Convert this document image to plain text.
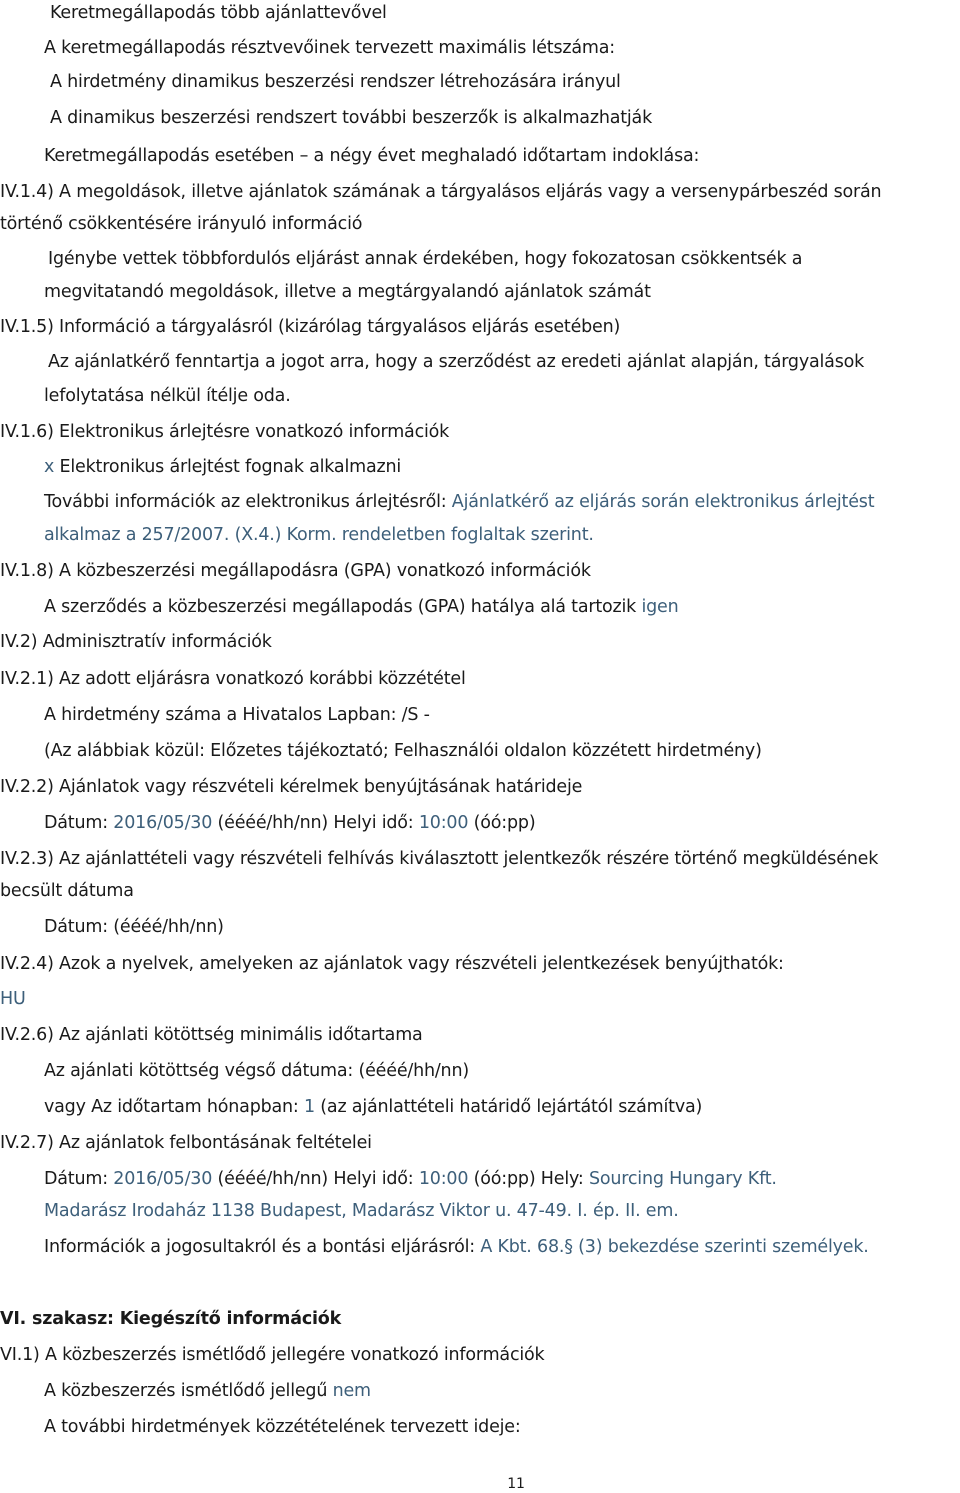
Keretmegállapodás több ajánlattevővel
A keretmegállapodás résztvevőinek tervezett maximális létszáma:
A hirdetmény dinamikus beszerzési rendszer létrehozására irányul
A dinamikus beszerzési rendszert további beszerzők is alkalmazhatják
Keretmegállapodás esetében – a négy évet meghaladó időtartam indoklása:
IV.1.4) A megoldások, illetve ajánlatok számának a tárgyalásos eljárás vagy a versenypárbeszéd során
történő csökkentésére irányuló információ
Igénybe vettek többfordulós eljárást annak érdekében, hogy fokozatosan csökkentsék a
megvitatandó megoldások, illetve a megtárgyalandó ajánlatok számát
IV.1.5) Információ a tárgyalásról (kizárólag tárgyalásos eljárás esetében)
Az ajánlatkérő fenntartja a jogot arra, hogy a szerződést az eredeti ajánlat alapján, tárgyalások
lefolytatása nélkül ítélje oda.
IV.1.6) Elektronikus árlejtésre vonatkozó információk
x Elektronikus árlejtést fognak alkalmazni
További információk az elektronikus árlejtésről: Ajánlatkérő az eljárás során elektronikus árlejtést
alkalmaz a 257/2007. (X.4.) Korm. rendeletben foglaltak szerint.
IV.1.8) A közbeszerzési megállapodásra (GPA) vonatkozó információk
A szerződés a közbeszerzési megállapodás (GPA) hatálya alá tartozik igen
IV.2) Adminisztratív információk
IV.2.1) Az adott eljárásra vonatkozó korábbi közzététel
A hirdetmény száma a Hivatalos Lapban: /S -
(Az alábbiak közül: Előzetes tájékoztató; Felhasználói oldalon közzétett hirdetmény)
IV.2.2) Ajánlatok vagy részvételi kérelmek benyújtásának határideje
Dátum: 2016/05/30 (éééé/hh/nn) Helyi idő: 10:00 (óó:pp)
IV.2.3) Az ajánlattételi vagy részvételi felhívás kiválasztott jelentkezők részére történő megküldésének
becsült dátuma
Dátum: (éééé/hh/nn)
IV.2.4) Azok a nyelvek, amelyeken az ajánlatok vagy részvételi jelentkezések benyújthatók:
HU
IV.2.6) Az ajánlati kötöttség minimális időtartama
Az ajánlati kötöttség végső dátuma: (éééé/hh/nn)
vagy Az időtartam hónapban: 1 (az ajánlattételi határidő lejártától számítva)
IV.2.7) Az ajánlatok felbontásának feltételei
Dátum: 2016/05/30 (éééé/hh/nn) Helyi idő: 10:00 (óó:pp) Hely: Sourcing Hungary Kft.
Madarász Irodaház 1138 Budapest, Madarász Viktor u. 47-49. I. ép. II. em.
Információk a jogosultakról és a bontási eljárásról: A Kbt. 68.§ (3) bekezdése szerinti személyek.
VI. szakasz: Kiegészítő információk
VI.1) A közbeszerzés ismétlődő jellegére vonatkozó információk
A közbeszerzés ismétlődő jellegű nem
A további hirdetmények közzétételének tervezett ideje:
11
